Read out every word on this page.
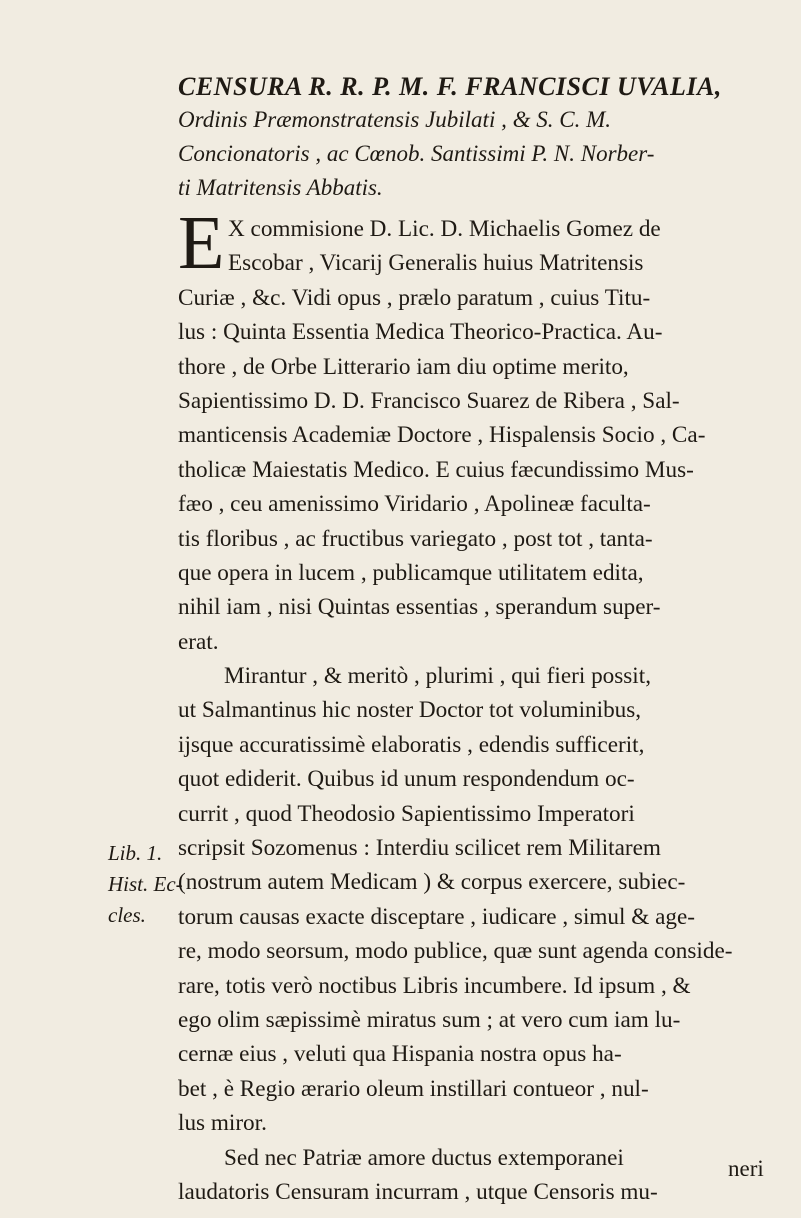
CENSURA R. R. P. M. F. FRANCISCI UVALIA,
Ordinis Præmonstratensis Jubilati , & S. C. M.
Concionatoris , ac Cœnob. Santissimi P. N. Norber-
ti Matritensis Abbatis.
E X commisione D. Lic. D. Michaelis Gomez de
Escobar , Vicarij Generalis huius Matritensis
Curiæ , &c. Vidi opus , prælo paratum , cuius Titu-
lus : Quinta Essentia Medica Theorico-Practica. Au-
thore , de Orbe Litterario iam diu optime merito,
Sapientissimo D. D. Francisco Suarez de Ribera , Sal-
manticensis Academiæ Doctore , Hispalensis Socio , Ca-
tholicæ Maiestatis Medico. E cuius fæcundissimo Mus-
fæo , ceu amenissimo Viridario , Apolineæ faculta-
tis floribus , ac fructibus variegato , post tot , tanta-
que opera in lucem , publicamque utilitatem edita,
nihil iam , nisi Quintas essentias , sperandum super-
erat.
Mirantur , & meritò , plurimi , qui fieri possit,
ut Salmantinus hic noster Doctor tot voluminibus,
ijsque accuratissimè elaboratis , edendis sufficerit,
quot ediderit. Quibus id unum respondendum oc-
currit , quod Theodosio Sapientissimo Imperatori
scripsit Sozomenus : Interdiu scilicet rem Militarem
(nostrum autem Medicam ) & corpus exercere, subiec-
torum causas exacte disceptare , iudicare , simul & age-
re, modo seorsum, modo publice, quæ sunt agenda conside-
rare, totis verò noctibus Libris incumbere. Id ipsum , &
ego olim sæpissimè miratus sum ; at vero cum iam lu-
cernæ eius , veluti qua Hispania nostra opus ha-
bet , è Regio ærario oleum instillari contueor , nul-
lus miror.
Sed nec Patriæ amore ductus extemporanei
laudatoris Censuram incurram , utque Censoris mu-
Lib. 1.
Hist. Ec-
cles.
neri
